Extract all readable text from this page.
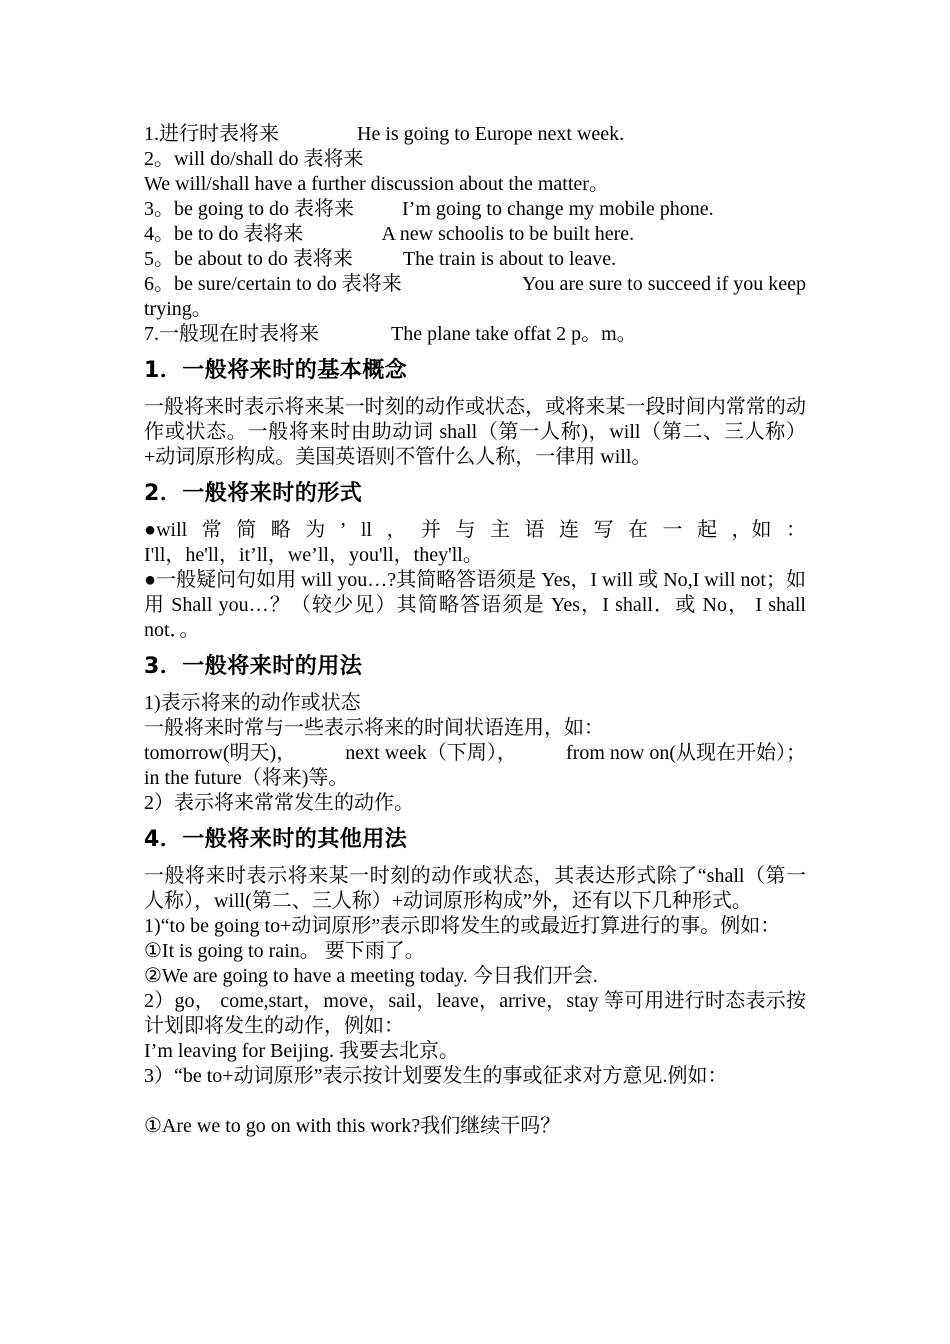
1.进行时表将来	He is going to Europe next week.

2。will do/shall do 表将来

We will/shall have a further discussion about the matter。

3。be going to do 表将来 I’m going to change my mobile phone.

4。be to do 表将来	A new schoolis to be built here.

5。be about to do 表将来	The train is about to leave.

6。be sure/certain to do 表将来	You are sure to succeed if you keep

trying。

7.一般现在时表将来	The plane take offat 2 p。m。

1．一般将来时的基本概念

一般将来时表示将来某一时刻的动作或状态，或将来某一段时间内常常的动作或状态。一般将来时由助动词 shall（第一人称)，will（第二、三人称）+动词原形构成。美国英语则不管什么人称，一律用 will。

2．一般将来时的形式

●will 常 简 略 为 ’ ll ， 并 与 主 语 连 写 在 一 起 ，如 ：

I'll，he'll，it’ll，we’ll，you'll，they'll。

●一般疑问句如用 will you…?其简略答语须是 Yes，I will 或 No,I will not；如用 Shall you…？（较少见）其简略答语须是 Yes，I shall．或 No， I shall not．。

3．一般将来时的用法

1)表示将来的动作或状态

一般将来时常与一些表示将来的时间状语连用，如：

tomorrow(明天)， next week（下周）， from now on(从现在开始）；

in the future（将来)等。

2）表示将来常常发生的动作。

4．一般将来时的其他用法

一般将来时表示将来某一时刻的动作或状态，其表达形式除了“shall（第一人称），will(第二、三人称）+动词原形构成”外，还有以下几种形式。

1)“to be going to+动词原形”表示即将发生的或最近打算进行的事。例如：

①It is going to rain。 要下雨了。

②We are going to have a meeting today. 今日我们开会.

2）go， come,start，move，sail，leave，arrive，stay 等可用进行时态表示按计划即将发生的动作，例如：

I’m leaving for Beijing. 我要去北京。

3）“be to+动词原形”表示按计划要发生的事或征求对方意见.例如：

①Are we to go on with this work?我们继续干吗？
